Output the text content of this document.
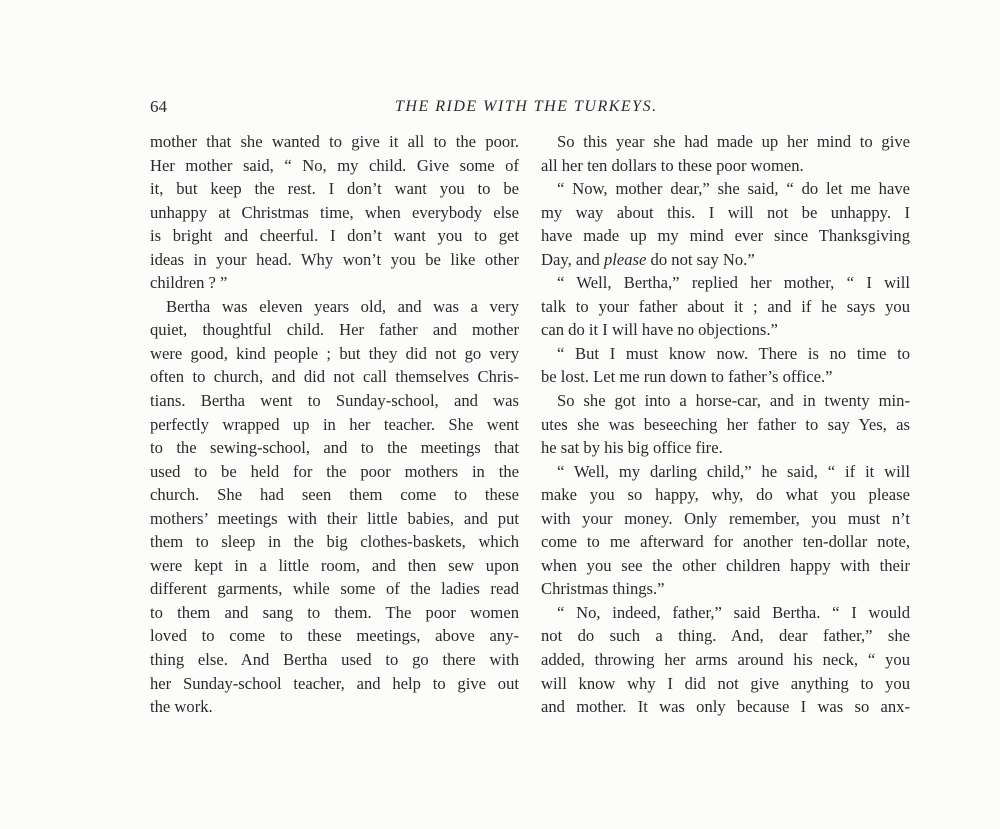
64	THE RIDE WITH THE TURKEYS.
mother that she wanted to give it all to the poor.
Her mother said, “ No, my child. Give some of
it, but keep the rest. I don’t want you to be
unhappy at Christmas time, when everybody else
is bright and cheerful. I don’t want you to get
ideas in your head. Why won’t you be like other
children ? ”
Bertha was eleven years old, and was a very
quiet, thoughtful child. Her father and mother
were good, kind people ; but they did not go very
often to church, and did not call themselves Chris-
tians. Bertha went to Sunday-school, and was
perfectly wrapped up in her teacher. She went
to the sewing-school, and to the meetings that
used to be held for the poor mothers in the
church. She had seen them come to these
mothers’ meetings with their little babies, and put
them to sleep in the big clothes-baskets, which
were kept in a little room, and then sew upon
different garments, while some of the ladies read
to them and sang to them. The poor women
loved to come to these meetings, above any-
thing else. And Bertha used to go there with
her Sunday-school teacher, and help to give out
the work.
So this year she had made up her mind to give
all her ten dollars to these poor women.
“ Now, mother dear,” she said, “ do let me have
my way about this. I will not be unhappy. I
have made up my mind ever since Thanksgiving
Day, and please do not say No.”
“ Well, Bertha,” replied her mother, “ I will
talk to your father about it ; and if he says you
can do it I will have no objections.”
“ But I must know now. There is no time to
be lost. Let me run down to father’s office.”
So she got into a horse-car, and in twenty min-
utes she was beseeching her father to say Yes, as
he sat by his big office fire.
“ Well, my darling child,” he said, “ if it will
make you so happy, why, do what you please
with your money. Only remember, you must n’t
come to me afterward for another ten-dollar note,
when you see the other children happy with their
Christmas things.”
“ No, indeed, father,” said Bertha. “ I would
not do such a thing. And, dear father,” she
added, throwing her arms around his neck, “ you
will know why I did not give anything to you
and mother. It was only because I was so anx-
